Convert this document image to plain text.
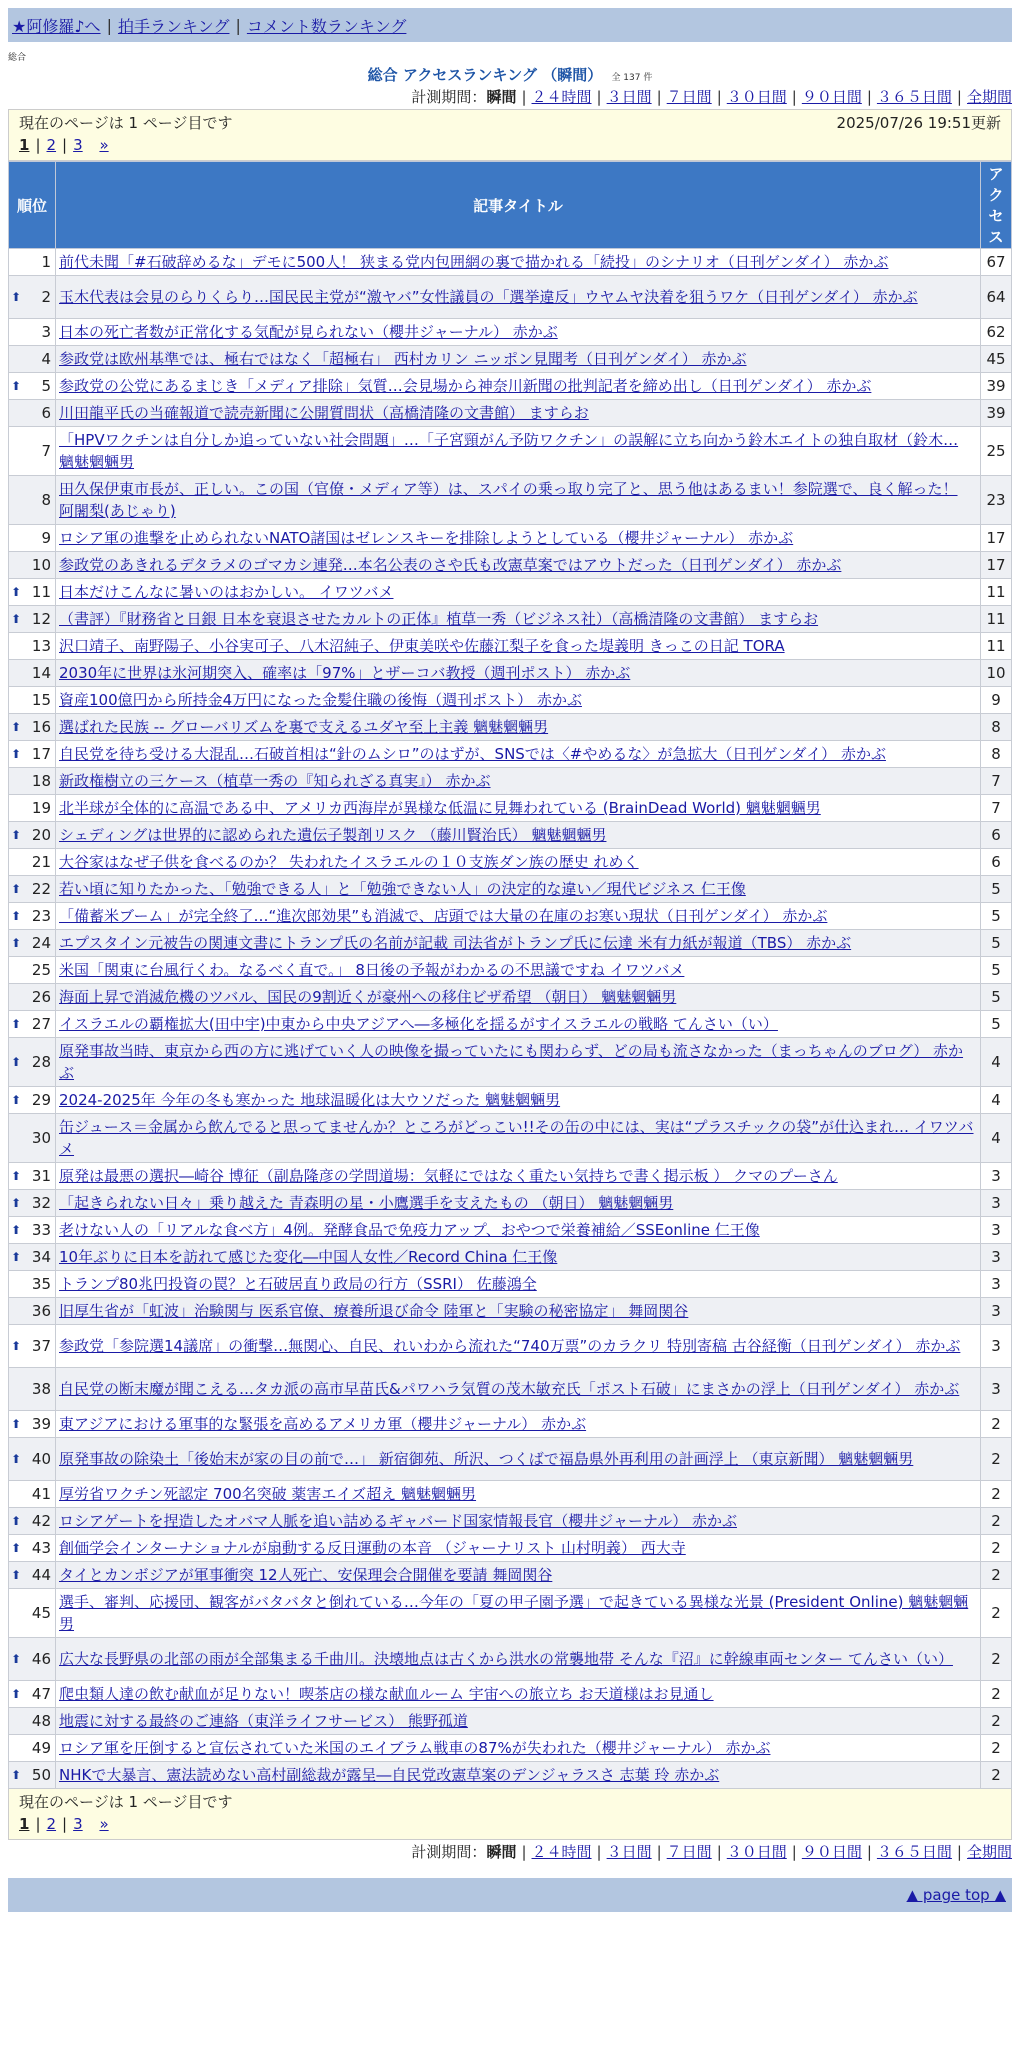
★阿修羅♪へ | 拍手ランキング | コメント数ランキング
総合
総合 アクセスランキング （瞬間） 全 137 件
計測期間：瞬間 | ２４時間 | ３日間 | ７日間 | ３０日間 | ９０日間 | ３６５日間 | 全期間
現在のページは 1 ページ目です	2025/07/26 19:51更新
1 | 2 | 3 »
順位	記事タイトル	アクセス
1	前代未聞「#石破辞めるな」デモに500人！ 狭まる党内包囲網の裏で描かれる「続投」のシナリオ（日刊ゲンダイ） 赤かぶ	67

⬆ 2	玉木代表は会見のらりくらり…国民民主党が“激ヤバ”女性議員の「選挙違反」ウヤムヤ決着を狙うワケ（日刊ゲンダイ） 赤かぶ	64
3	日本の死亡者数が正常化する気配が見られない（櫻井ジャーナル） 赤かぶ	62
4	参政党は欧州基準では、極右ではなく「超極右」 西村カリン ニッポン見聞考（日刊ゲンダイ） 赤かぶ	45

⬆ 5	参政党の公党にあるまじき「メディア排除」気質…会見場から神奈川新聞の批判記者を締め出し（日刊ゲンダイ） 赤かぶ	39
6	川田龍平氏の当確報道で読売新聞に公開質問状（高橋清隆の文書館） ますらお	39
7	「HPVワクチンは自分しか追っていない社会問題」…「子宮頸がん予防ワクチン」の誤解に立ち向かう鈴木エイトの独自取材（鈴木… 魑魅魍魎男	25
8	田久保伊東市長が、正しい。この国（官僚・メディア等）は、スパイの乗っ取り完了と、思う他はあるまい！参院選で、良く解った！ 阿闍梨(あじゃり)	23
9	ロシア軍の進撃を止められないNATO諸国はゼレンスキーを排除しようとしている（櫻井ジャーナル） 赤かぶ	17
10	参政党のあきれるデタラメのゴマカシ連発…本名公表のさや氏も改憲草案ではアウトだった（日刊ゲンダイ） 赤かぶ	17

⬆ 11	日本だけこんなに暑いのはおかしい。 イワツバメ	11

⬆ 12	（書評）『財務省と日銀 日本を衰退させたカルトの正体』植草一秀（ビジネス社）（高橋清隆の文書館） ますらお	11
13	沢口靖子、南野陽子、小谷実可子、八木沼純子、伊東美咲や佐藤江梨子を食った堤義明 きっこの日記 TORA	11
14	2030年に世界は氷河期突入、確率は「97%」とザーコバ教授（週刊ポスト） 赤かぶ	10
15	資産100億円から所持金4万円になった金髪住職の後悔（週刊ポスト） 赤かぶ	9

⬆ 16	選ばれた民族 -- グローバリズムを裏で支えるユダヤ至上主義 魑魅魍魎男	8

⬆ 17	自民党を待ち受ける大混乱…石破首相は“針のムシロ”のはずが、SNSでは〈#やめるな〉が急拡大（日刊ゲンダイ） 赤かぶ	8
18	新政権樹立の三ケース（植草一秀の『知られざる真実』） 赤かぶ	7
19	北半球が全体的に高温である中、アメリカ西海岸が異様な低温に見舞われている (BrainDead World) 魑魅魍魎男	7

⬆ 20	シェディングは世界的に認められた遺伝子製剤リスク （藤川賢治氏） 魑魅魍魎男	6
21	大谷家はなぜ子供を食べるのか？ 失われたイスラエルの１０支族ダン族の歴史 れめく	6

⬆ 22	若い頃に知りたかった、「勉強できる人」と「勉強できない人」の決定的な違い／現代ビジネス 仁王像	5

⬆ 23	「備蓄米ブーム」が完全終了…“進次郎効果”も消滅で、店頭では大量の在庫のお寒い現状（日刊ゲンダイ） 赤かぶ	5

⬆ 24	エプスタイン元被告の関連文書にトランプ氏の名前が記載 司法省がトランプ氏に伝達 米有力紙が報道（TBS） 赤かぶ	5
25	米国「関東に台風行くわ。なるべく直で。」 8日後の予報がわかるの不思議ですね イワツバメ	5
26	海面上昇で消滅危機のツバル、国民の9割近くが豪州への移住ビザ希望 （朝日） 魑魅魍魎男	5

⬆ 27	イスラエルの覇権拡大(田中宇)中東から中央アジアへ―多極化を揺るがすイスラエルの戦略 てんさい（い）	5

⬆ 28	原発事故当時、東京から西の方に逃げていく人の映像を撮っていたにも関わらず、どの局も流さなかった（まっちゃんのブログ） 赤かぶ	4

⬆ 29	2024-2025年 今年の冬も寒かった 地球温暖化は大ウソだった 魑魅魍魎男	4
30	缶ジュース＝金属から飲んでると思ってませんか？ところがどっこい!!その缶の中には、実は“プラスチックの袋”が仕込まれ… イワツバメ	4

⬆ 31	原発は最悪の選択―崎谷 博征（副島隆彦の学問道場：気軽にではなく重たい気持ちで書く掲示板 ） クマのプーさん	3

⬆ 32	「起きられない日々」乗り越えた 青森明の星・小鷹選手を支えたもの （朝日） 魑魅魍魎男	3

⬆ 33	老けない人の「リアルな食べ方」4例。発酵食品で免疫力アップ、おやつで栄養補給／SSEonline 仁王像	3

⬆ 34	10年ぶりに日本を訪れて感じた変化―中国人女性／Record China 仁王像	3
35	トランプ80兆円投資の罠？と石破居直り政局の行方（SSRI） 佐藤鴻全	3
36	旧厚生省が「虹波」治験関与 医系官僚、療養所退び命令 陸軍と「実験の秘密協定」 舞岡関谷	3

⬆ 37	参政党「参院選14議席」の衝撃…無関心、自民、れいわから流れた“740万票”のカラクリ 特別寄稿 古谷経衡（日刊ゲンダイ） 赤かぶ	3
38	自民党の断末魔が聞こえる…タカ派の高市早苗氏&パワハラ気質の茂木敏充氏「ポスト石破」にまさかの浮上（日刊ゲンダイ） 赤かぶ	3

⬆ 39	東アジアにおける軍事的な緊張を高めるアメリカ軍（櫻井ジャーナル） 赤かぶ	2

⬆ 40	原発事故の除染土「後始末が家の目の前で…」 新宿御苑、所沢、つくばで福島県外再利用の計画浮上 （東京新聞） 魑魅魍魎男	2
41	厚労省ワクチン死認定 700名突破 薬害エイズ超え 魑魅魍魎男	2

⬆ 42	ロシアゲートを捏造したオバマ人脈を追い詰めるギャバード国家情報長官（櫻井ジャーナル） 赤かぶ	2

⬆ 43	創価学会インターナショナルが扇動する反日運動の本音 （ジャーナリスト 山村明義） 西大寺	2

⬆ 44	タイとカンボジアが軍事衝突 12人死亡、安保理会合開催を要請 舞岡関谷	2
45	選手、審判、応援団、観客がバタバタと倒れている…今年の「夏の甲子園予選」で起きている異様な光景 (President Online) 魑魅魍魎男	2

⬆ 46	広大な長野県の北部の雨が全部集まる千曲川。決壊地点は古くから洪水の常襲地帯 そんな『沼』に幹線車両センター てんさい（い）	2

⬆ 47	爬虫類人達の飲む献血が足りない！喫茶店の様な献血ルーム 宇宙への旅立ち お天道様はお見通し	2
48	地震に対する最終のご連絡（東洋ライフサービス） 熊野孤道	2
49	ロシア軍を圧倒すると宣伝されていた米国のエイブラム戦車の87%が失われた（櫻井ジャーナル） 赤かぶ	2

⬆ 50	NHKで大暴言、憲法読めない高村副総裁が露呈―自民党改憲草案のデンジャラスさ 志葉 玲 赤かぶ	2
現在のページは 1 ページ目です
1 | 2 | 3 »
計測期間：瞬間 | ２４時間 | ３日間 | ７日間 | ３０日間 | ９０日間 | ３６５日間 | 全期間
▲ page top ▲
